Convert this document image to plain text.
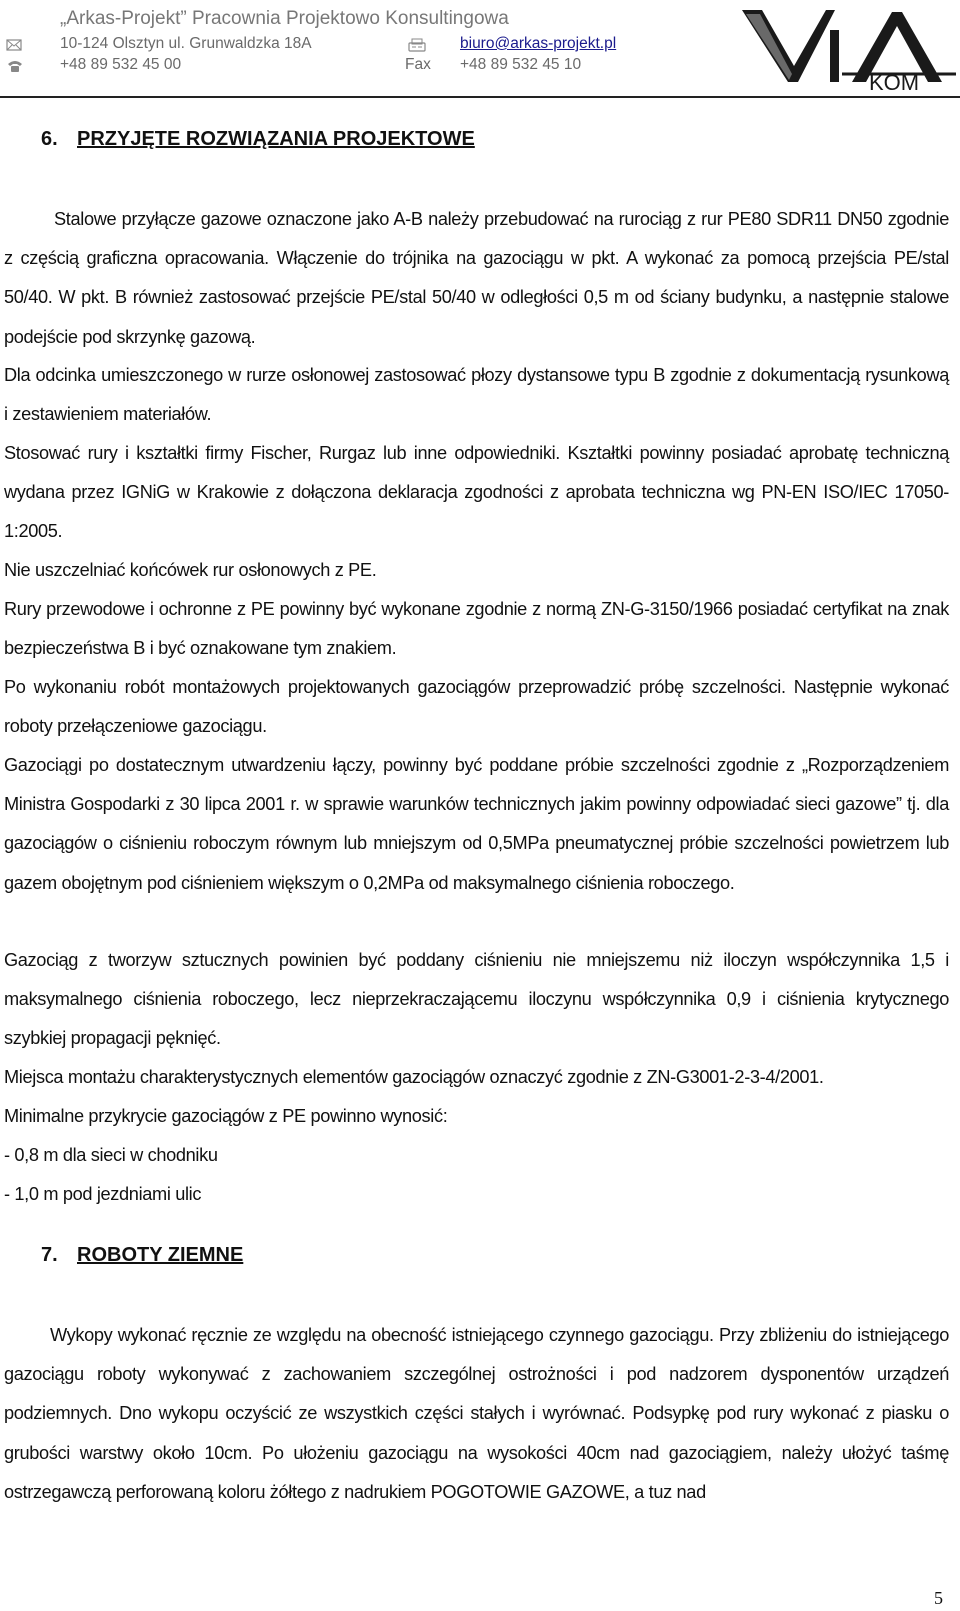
„Arkas-Projekt” Pracownia Projektowo Konsultingowa
10-124 Olsztyn ul. Grunwaldzka 18A	biuro@arkas-projekt.pl
+48 89 532 45 00	Fax +48 89 532 45 10
KOM
6. PRZYJĘTE ROZWIĄZANIA PROJEKTOWE
Stalowe przyłącze gazowe oznaczone jako A-B należy przebudować na rurociąg z rur PE80 SDR11 DN50 zgodnie z częścią graficzna opracowania. Włączenie do trójnika na gazociągu w pkt. A wykonać za pomocą przejścia PE/stal 50/40. W pkt. B również zastosować przejście PE/stal 50/40 w odległości 0,5 m od ściany budynku, a następnie stalowe podejście pod skrzynkę gazową.
Dla odcinka umieszczonego w rurze osłonowej zastosować płozy dystansowe typu B zgodnie z dokumentacją rysunkową i zestawieniem materiałów.
Stosować rury i kształtki firmy Fischer, Rurgaz lub inne odpowiedniki. Kształtki powinny posiadać aprobatę techniczną wydana przez IGNiG w Krakowie z dołączona deklaracja zgodności z aprobata techniczna wg PN-EN ISO/IEC 17050-1:2005.
Nie uszczelniać końcówek rur osłonowych z PE.
Rury przewodowe i ochronne z PE powinny być wykonane zgodnie z normą ZN-G-3150/1966 posiadać certyfikat na znak bezpieczeństwa B i być oznakowane tym znakiem.
Po wykonaniu robót montażowych projektowanych gazociągów przeprowadzić próbę szczelności. Następnie wykonać roboty przełączeniowe gazociągu.
Gazociągi po dostatecznym utwardzeniu łączy, powinny być poddane próbie szczelności zgodnie z „Rozporządzeniem Ministra Gospodarki z 30 lipca 2001 r. w sprawie warunków technicznych jakim powinny odpowiadać sieci gazowe” tj. dla gazociągów o ciśnieniu roboczym równym lub mniejszym od 0,5MPa pneumatycznej próbie szczelności powietrzem lub gazem obojętnym pod ciśnieniem większym o 0,2MPa od maksymalnego ciśnienia roboczego.
Gazociąg z tworzyw sztucznych powinien być poddany ciśnieniu nie mniejszemu niż iloczyn współczynnika 1,5 i maksymalnego ciśnienia roboczego, lecz nieprzekraczającemu iloczynu współczynnika 0,9 i ciśnienia krytycznego szybkiej propagacji pęknięć.
Miejsca montażu charakterystycznych elementów gazociągów oznaczyć zgodnie z ZN-G3001-2-3-4/2001.
Minimalne przykrycie gazociągów z PE powinno wynosić:
- 0,8 m dla sieci w chodniku
- 1,0 m pod jezdniami ulic
7. ROBOTY ZIEMNE
Wykopy wykonać ręcznie ze względu na obecność istniejącego czynnego gazociągu. Przy zbliżeniu do istniejącego gazociągu roboty wykonywać z zachowaniem szczególnej ostrożności i pod nadzorem dysponentów urządzeń podziemnych. Dno wykopu oczyścić ze wszystkich części stałych i wyrównać. Podsypkę pod rury wykonać z piasku o grubości warstwy około 10cm. Po ułożeniu gazociągu na wysokości 40cm nad gazociągiem, należy ułożyć taśmę ostrzegawczą perforowaną koloru żółtego z nadrukiem POGOTOWIE GAZOWE, a tuz nad
5
